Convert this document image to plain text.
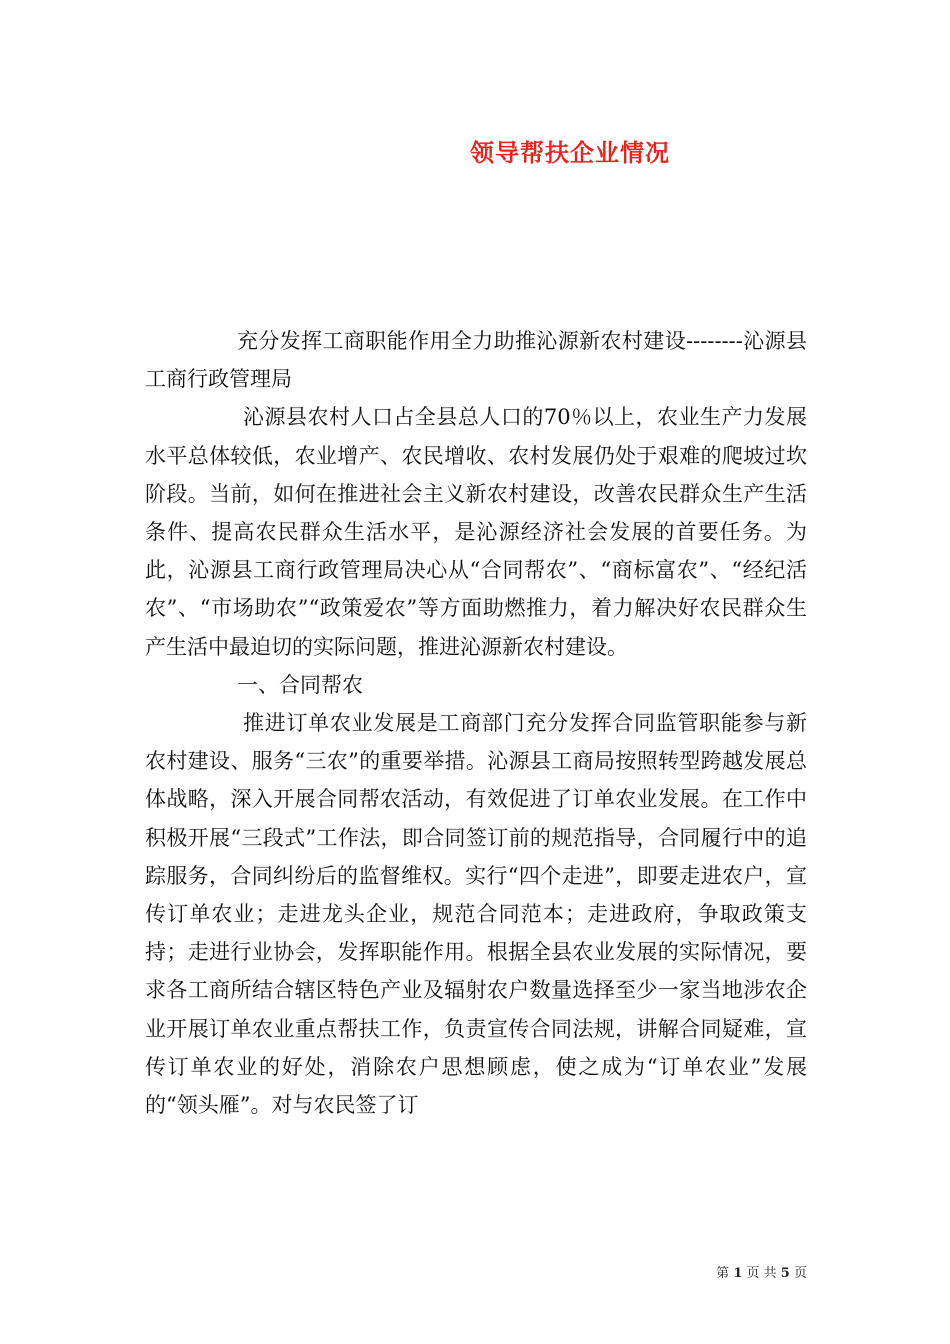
领导帮扶企业情况

充分发挥工商职能作用全力助推沁源新农村建设--------沁源县工商行政管理局

沁源县农村人口占全县总人口的70％以上，农业生产力发展水平总体较低，农业增产、农民增收、农村发展仍处于艰难的爬坡过坎阶段。当前，如何在推进社会主义新农村建设，改善农民群众生产生活条件、提高农民群众生活水平，是沁源经济社会发展的首要任务。为此，沁源县工商行政管理局决心从“合同帮农”、“商标富农”、“经纪活农”、“市场助农”“政策爱农”等方面助燃推力，着力解决好农民群众生产生活中最迫切的实际问题，推进沁源新农村建设。

一、合同帮农

推进订单农业发展是工商部门充分发挥合同监管职能参与新农村建设、服务“三农”的重要举措。沁源县工商局按照转型跨越发展总体战略，深入开展合同帮农活动，有效促进了订单农业发展。在工作中积极开展“三段式”工作法，即合同签订前的规范指导，合同履行中的追踪服务，合同纠纷后的监督维权。实行“四个走进”，即要走进农户，宣传订单农业；走进龙头企业，规范合同范本；走进政府，争取政策支持；走进行业协会，发挥职能作用。根据全县农业发展的实际情况，要求各工商所结合辖区特色产业及辐射农户数量选择至少一家当地涉农企业开展订单农业重点帮扶工作，负责宣传合同法规，讲解合同疑难，宣传订单农业的好处，消除农户思想顾虑，使之成为“订单农业”发展的“领头雁”。对与农民签了订

第 1 页 共 5 页
